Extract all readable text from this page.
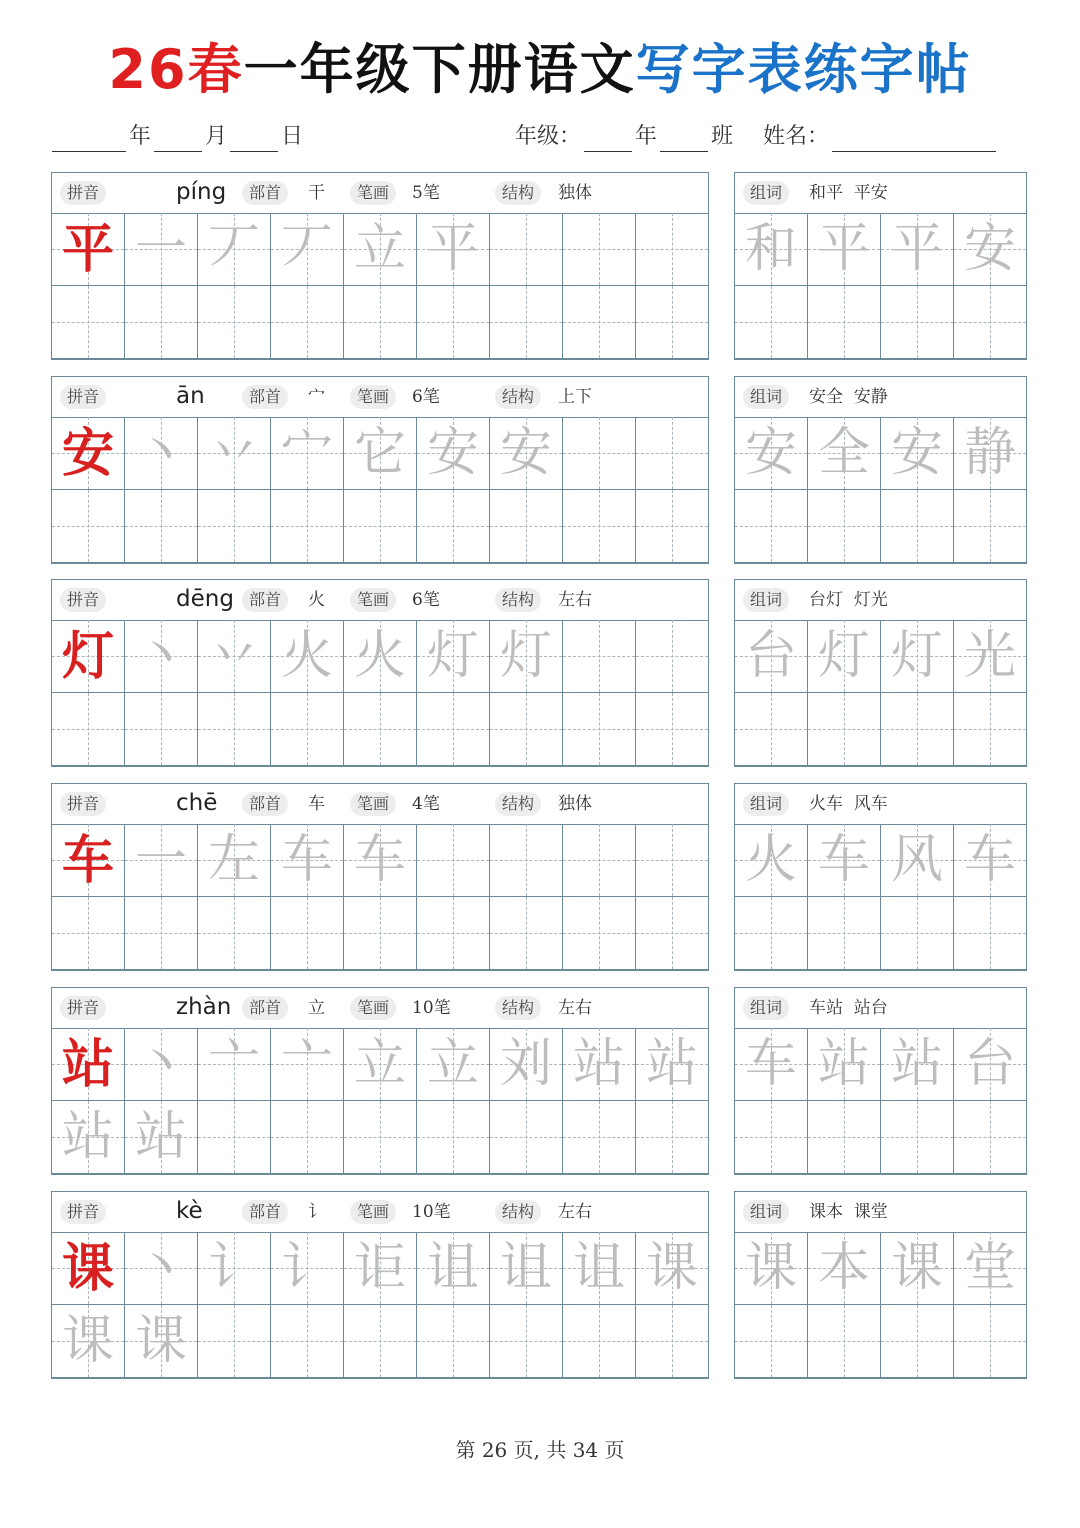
26春一年级下册语文写字表练字帖
年 月 日	年级： 年 班 姓名：
拼音	píng	部首	干	笔画	5笔	结构	独体
平 一 丆 丆 立 平
组词	和平  平安
和 平 平 安
拼音	ān	部首	宀	笔画	6笔	结构	上下
安 丶 丷 宀 它 安 安
组词	安全  安静
安 全 安 静
拼音	dēng 部首	火	笔画	6笔	结构	左右
灯 丶 丷 火 火 灯 灯
组词	台灯  灯光
台 灯 灯 光
拼音	chē	部首	车	笔画	4笔	结构	独体
车 一 左 车 车
组词	火车  风车
火 车 风 车
拼音	zhàn	部首	立	笔画	10笔	结构	左右
站 丶 亠 亠 立 立 刘 站 站
站 站
组词	车站  站台
车 站 站 台
拼音	kè	部首	讠	笔画	10笔	结构	左右
课 丶 讠 讠 讵 诅 诅 诅 课
课 课
组词	课本  课堂
课 本 课 堂
第 26 页, 共 34 页
